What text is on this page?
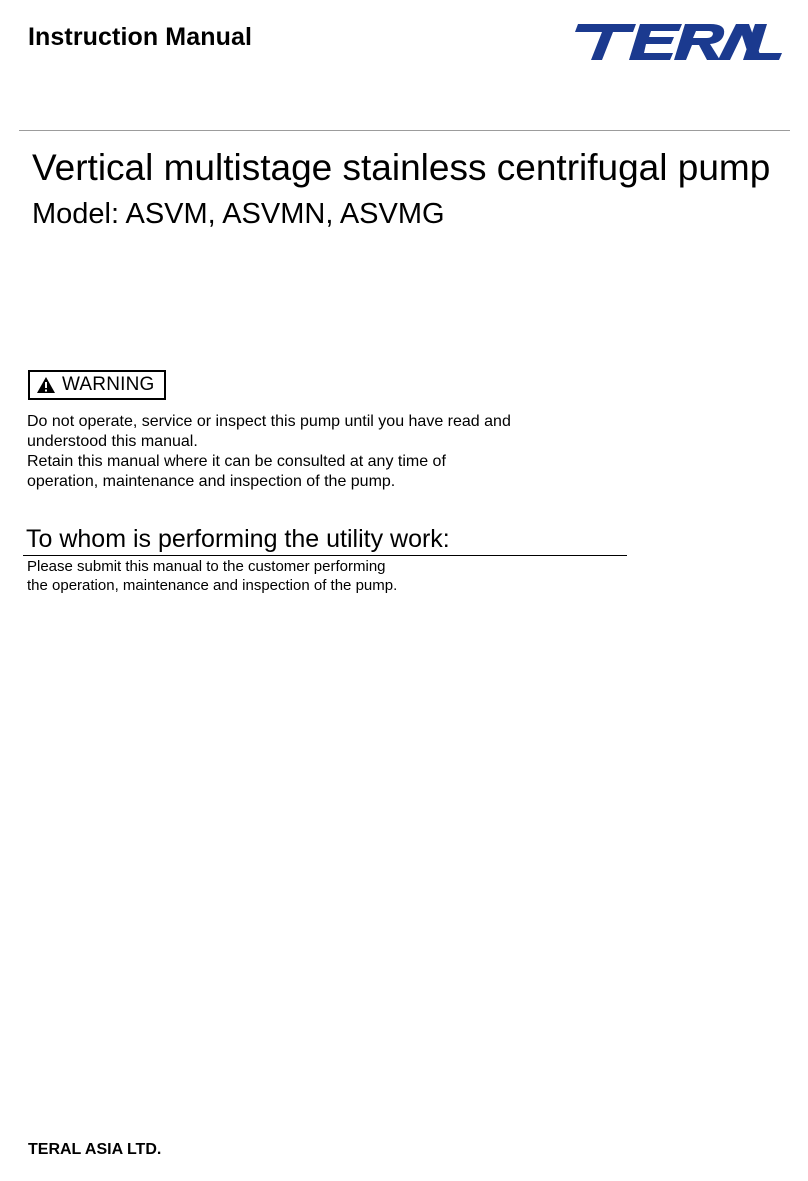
Instruction Manual
Vertical multistage stainless centrifugal pump
Model: ASVM, ASVMN, ASVMG
WARNING
Do not operate, service or inspect this pump until you have read and
understood this manual.
Retain this manual where it can be consulted at any time of
operation, maintenance and inspection of the pump.
To whom is performing the utility work:
Please submit this manual to the customer performing
the operation, maintenance and inspection of the pump.
TERAL ASIA LTD.
